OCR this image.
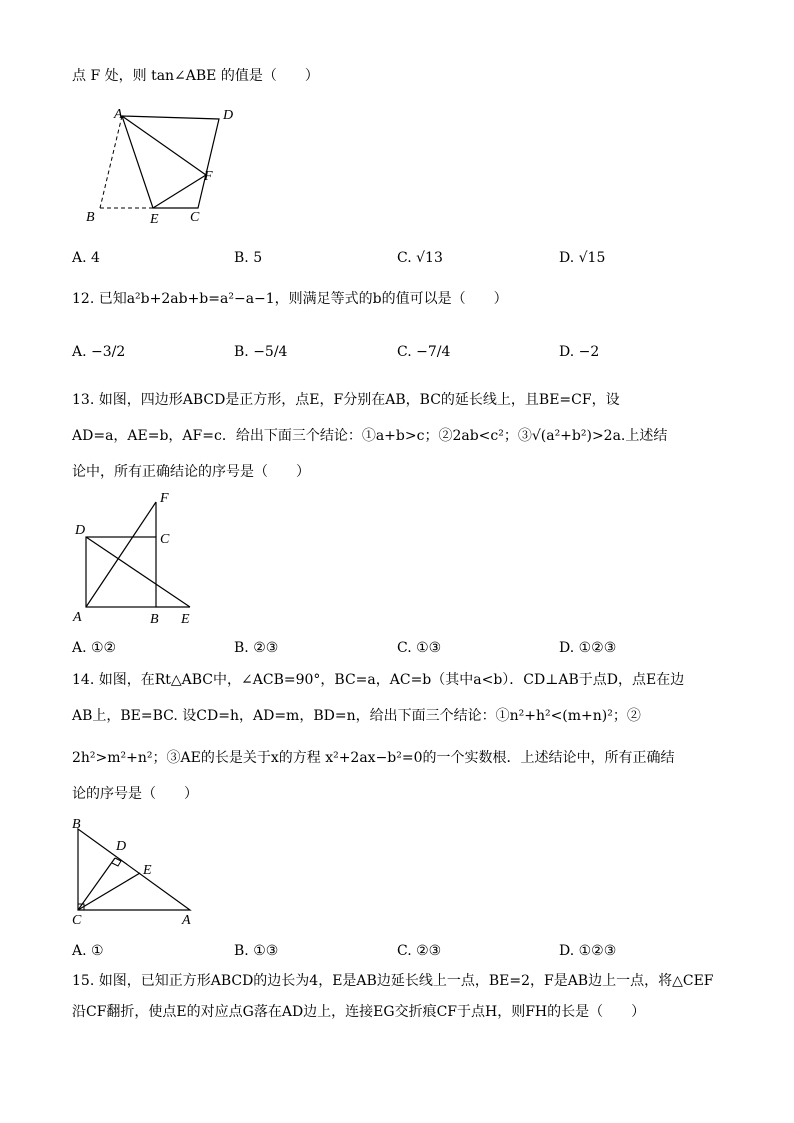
点 F 处，则 tan∠ABE 的值是（　　）
A	D
F
B	E C
A. 4	B. 5	C. √13	D. √15
12. 已知a²b+2ab+b=a²−a−1，则满足等式的b的值可以是（　　）
A. −3/2	B. −5/4	C. −7/4	D. −2
13. 如图，四边形ABCD是正方形，点E，F分别在AB，BC的延长线上，且BE=CF，设
AD=a，AE=b，AF=c．给出下面三个结论：①a+b>c；②2ab<c²；③√(a²+b²)>2a.上述结
论中，所有正确结论的序号是（　　）
D
C
F
A	B E
A. ①②	B. ②③	C. ①③	D. ①②③
14. 如图，在Rt△ABC中，∠ACB=90°，BC=a，AC=b（其中a<b）．CD⊥AB于点D，点E在边
AB上，BE=BC. 设CD=h，AD=m，BD=n，给出下面三个结论：①n²+h²<(m+n)²；②
2h²>m²+n²；③AE的长是关于x的方程 x²+2ax−b²=0的一个实数根．上述结论中，所有正确结
论的序号是（　　）
B
D
E
C	A
A. ①	B. ①③	C. ②③	D. ①②③
15. 如图，已知正方形ABCD的边长为4，E是AB边延长线上一点，BE=2，F是AB边上一点，将△CEF
沿CF翻折，使点E的对应点G落在AD边上，连接EG交折痕CF于点H，则FH的长是（　　）
